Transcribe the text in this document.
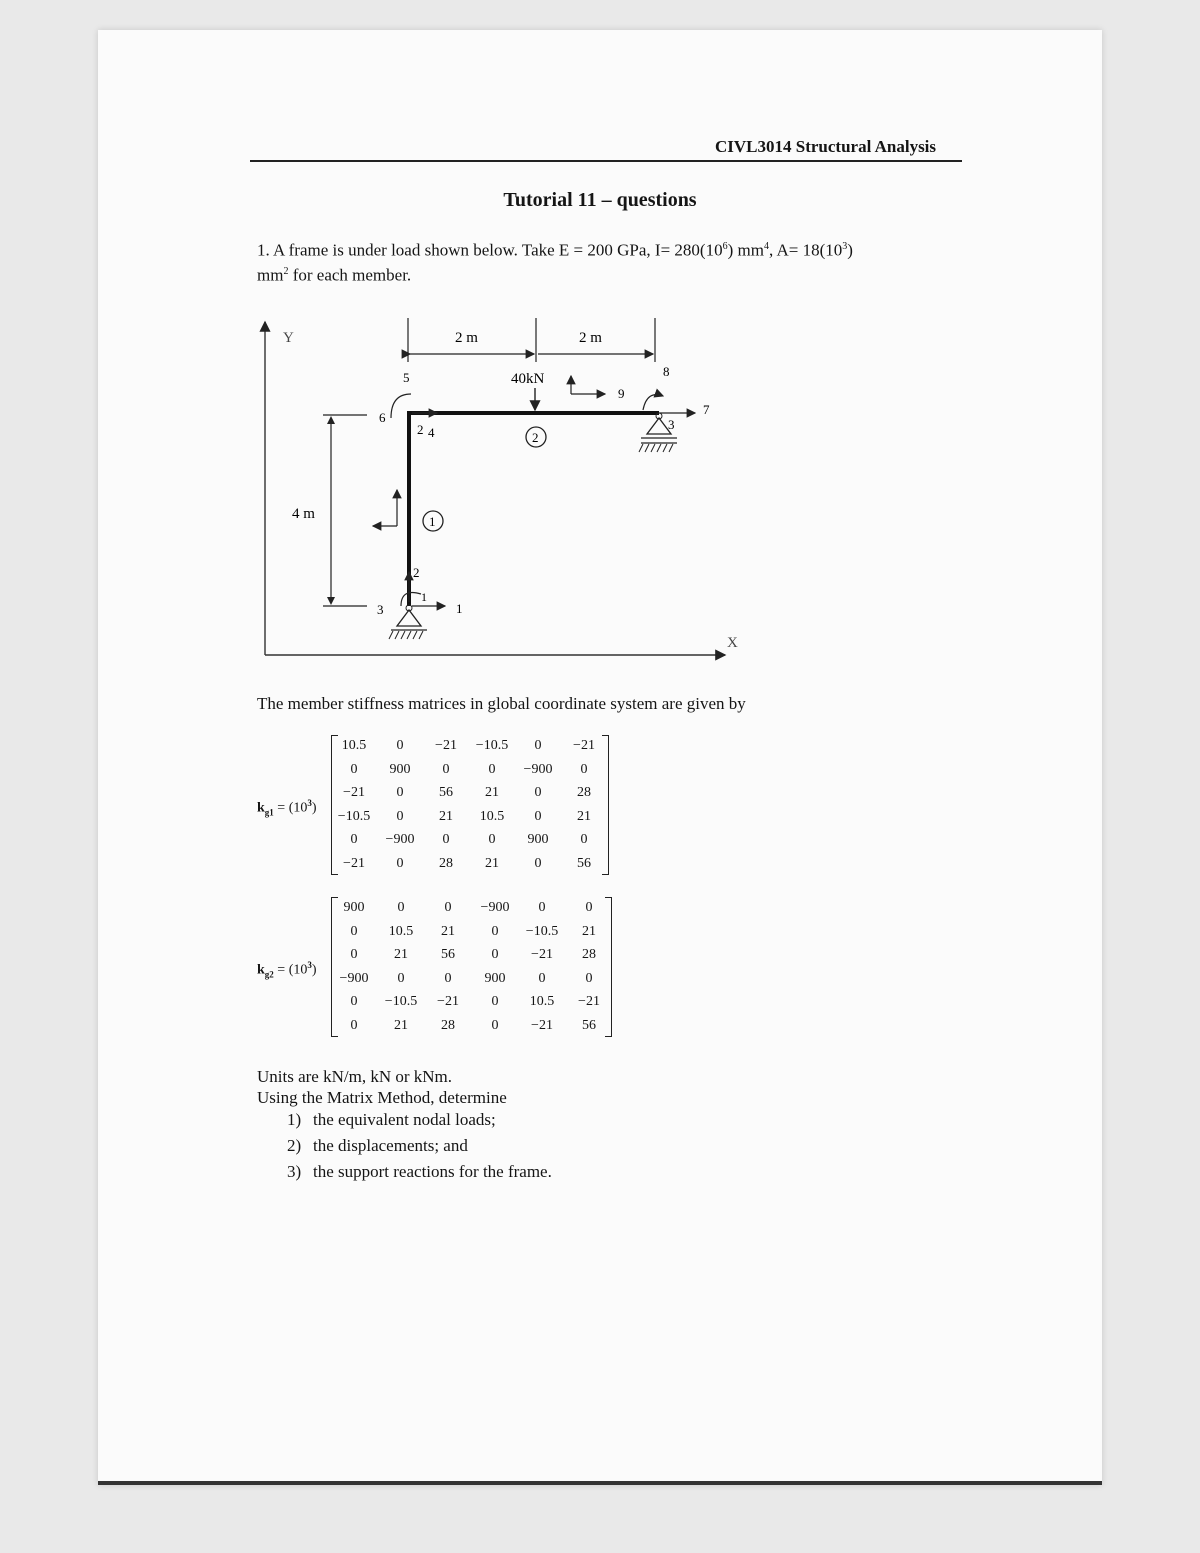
CIVL3014 Structural Analysis
Tutorial 11 – questions
1. A frame is under load shown below. Take E = 200 GPa, $I= 280(10^6)$ $mm^4$, $A= 18(10^3)$
$mm^2$ for each member.
Y
X
2 m	2 m
4 m	1
2
40kN
4
5
6
2
9
8
7
3
1
2
3
1
The member stiffness matrices in global coordinate system are given by
$k_{g1} = (10^3)$
10.5	0	−21	−10.5	0	−21
0	900	0	0	−900	0
−21	0	56	21	0	28
−10.5	0	21	10.5	0	21
0	−900	0	0	900	0
−21	0	28	21	0	56
$k_{g2} = (10^3)$
900	0	0	−900	0	0
0	10.5	21	0	−10.5	21
0	21	56	0	−21	28
−900	0	0	900	0	0
0	−10.5	−21	0	10.5	−21
0	21	28	0	−21	56
Units are kN/m, kN or kNm.
Using the Matrix Method, determine
1) the equivalent nodal loads;
2) the displacements; and
3) the support reactions for the frame.
